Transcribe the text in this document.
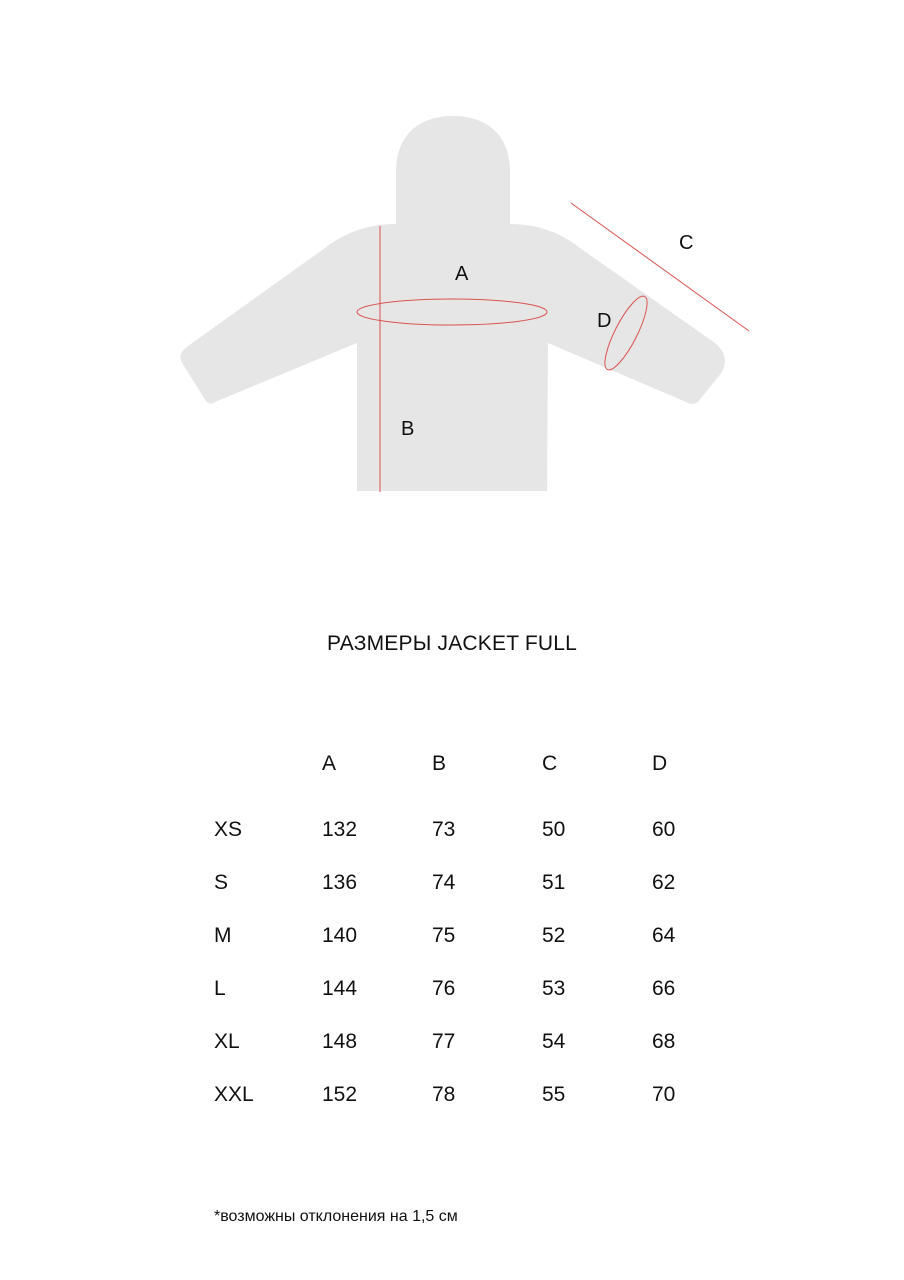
A
B
C
D
РАЗМЕРЫ JACKET FULL
	A	B	C	D
XS	132	73	50	60
S	136	74	51	62
M	140	75	52	64
L	144	76	53	66
XL	148	77	54	68
XXL	152	78	55	70
*возможны отклонения на 1,5 см
